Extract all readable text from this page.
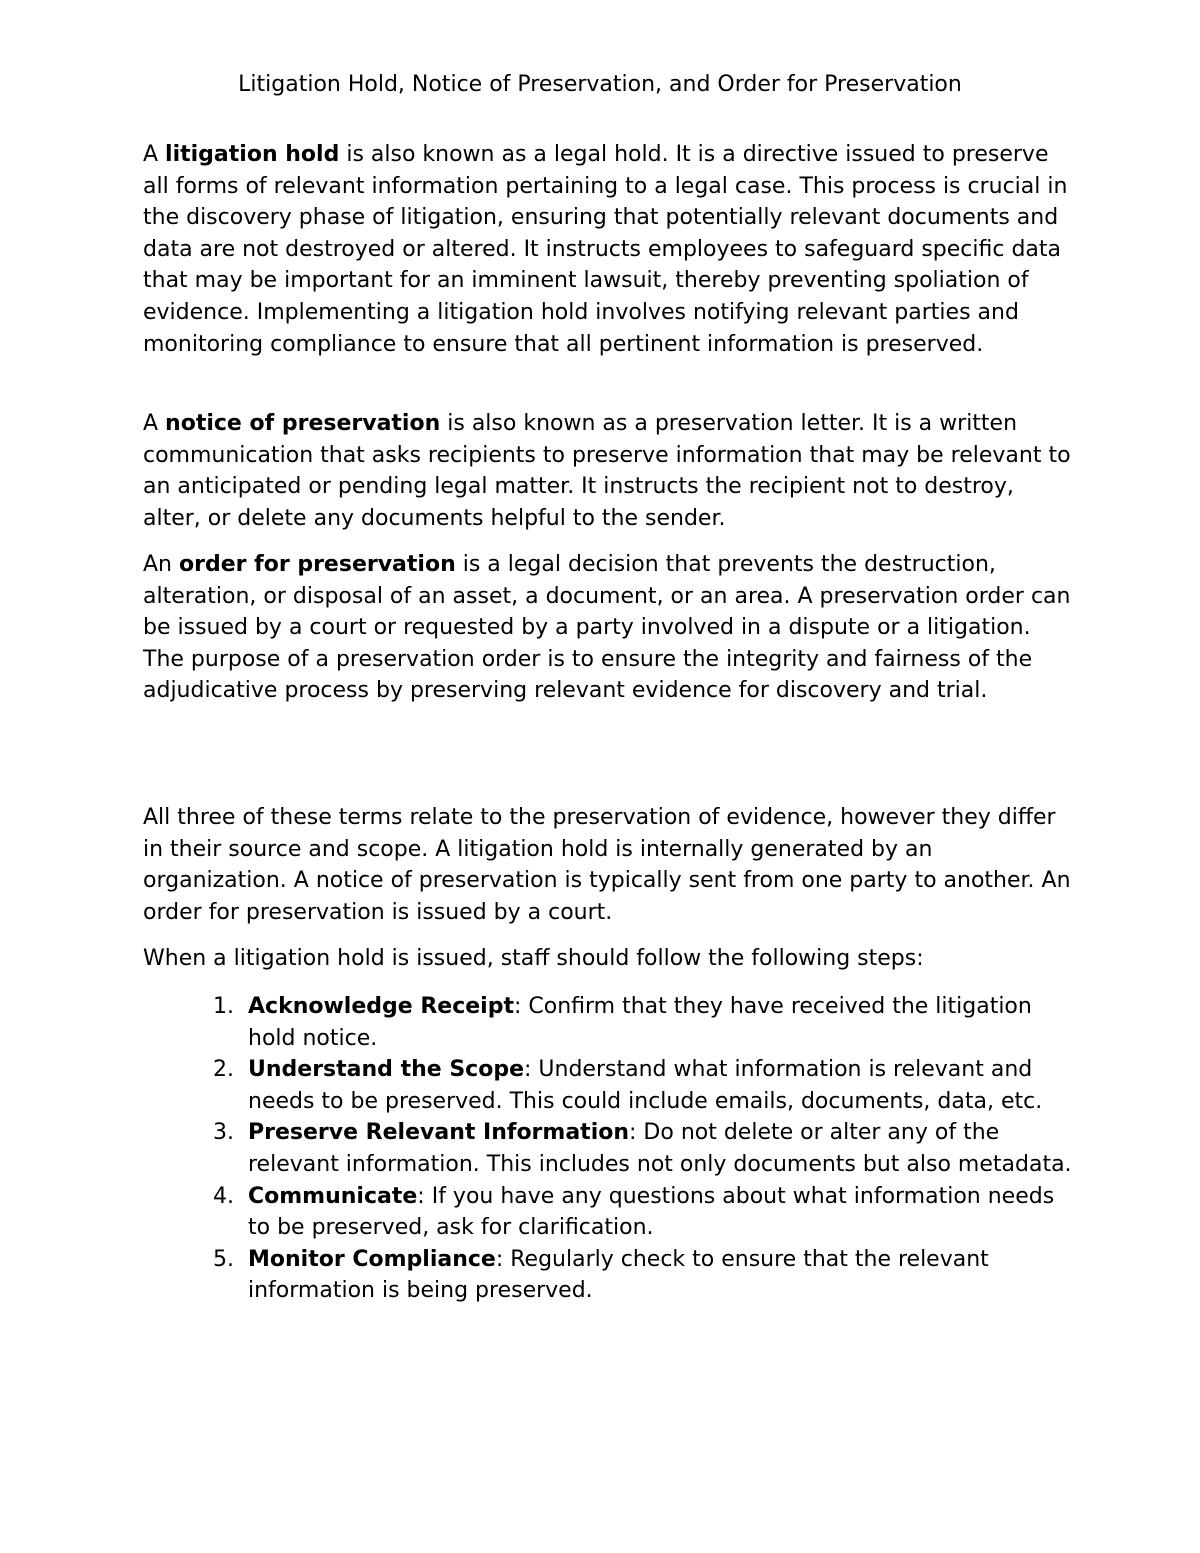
Litigation Hold, Notice of Preservation, and Order for Preservation

A litigation hold is also known as a legal hold. It is a directive issued to preserve all forms of relevant information pertaining to a legal case. This process is crucial in the discovery phase of litigation, ensuring that potentially relevant documents and data are not destroyed or altered. It instructs employees to safeguard specific data that may be important for an imminent lawsuit, thereby preventing spoliation of evidence. Implementing a litigation hold involves notifying relevant parties and monitoring compliance to ensure that all pertinent information is preserved.

A notice of preservation is also known as a preservation letter. It is a written communication that asks recipients to preserve information that may be relevant to an anticipated or pending legal matter. It instructs the recipient not to destroy, alter, or delete any documents helpful to the sender.

An order for preservation is a legal decision that prevents the destruction, alteration, or disposal of an asset, a document, or an area. A preservation order can be issued by a court or requested by a party involved in a dispute or a litigation. The purpose of a preservation order is to ensure the integrity and fairness of the adjudicative process by preserving relevant evidence for discovery and trial.

All three of these terms relate to the preservation of evidence, however they differ in their source and scope. A litigation hold is internally generated by an organization. A notice of preservation is typically sent from one party to another. An order for preservation is issued by a court.

When a litigation hold is issued, staff should follow the following steps:

1. Acknowledge Receipt: Confirm that they have received the litigation hold notice.
2. Understand the Scope: Understand what information is relevant and needs to be preserved. This could include emails, documents, data, etc.
3. Preserve Relevant Information: Do not delete or alter any of the relevant information. This includes not only documents but also metadata.
4. Communicate: If you have any questions about what information needs to be preserved, ask for clarification.
5. Monitor Compliance: Regularly check to ensure that the relevant information is being preserved.
